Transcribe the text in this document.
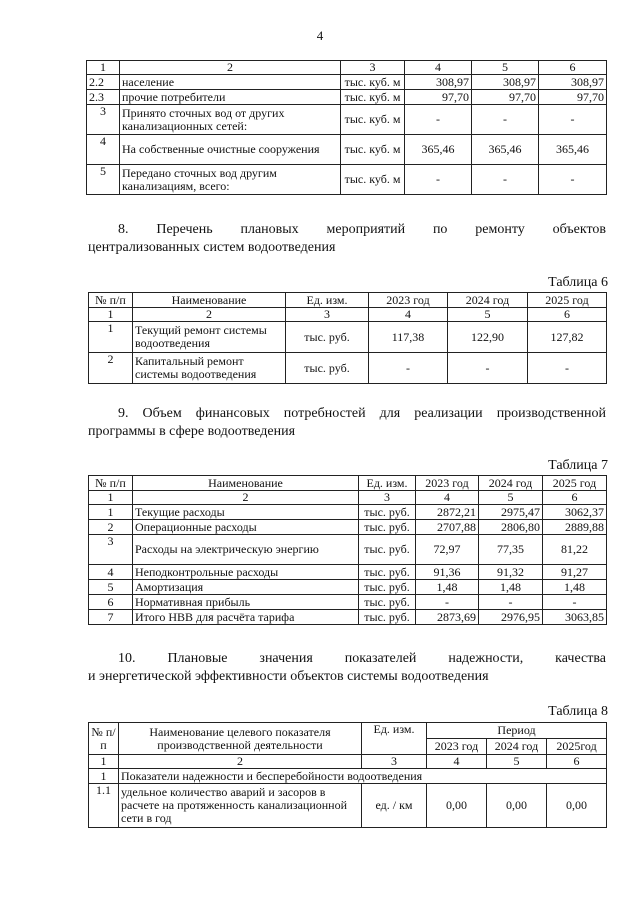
4
1	2	3	4	5	6
2.2	население	тыс. куб. м	308,97	308,97	308,97
2.3	прочие потребители	тыс. куб. м	97,70	97,70	97,70
3	Принято сточных вод от других канализационных сетей:	тыс. куб. м	-	-	-
4	На собственные очистные сооружения	тыс. куб. м	365,46	365,46	365,46
5	Передано сточных вод другим канализациям, всего:	тыс. куб. м	-	-	-
8. Перечень плановых мероприятий по ремонту объектов
централизованных систем водоотведения
Таблица 6
№ п/п	Наименование	Ед. изм.	2023 год	2024 год	2025 год
1	2	3	4	5	6
1	Текущий ремонт системы водоотведения	тыс. руб.	117,38	122,90	127,82
2	Капитальный ремонт системы водоотведения	тыс. руб.	-	-	-
9. Объем финансовых потребностей для реализации производственной
программы в сфере водоотведения
Таблица 7
№ п/п	Наименование	Ед. изм.	2023 год	2024 год	2025 год
1	2	3	4	5	6
1	Текущие расходы	тыс. руб.	2872,21	2975,47	3062,37
2	Операционные расходы	тыс. руб.	2707,88	2806,80	2889,88
3	Расходы на электрическую энергию	тыс. руб.	72,97	77,35	81,22
4	Неподконтрольные расходы	тыс. руб.	91,36	91,32	91,27
5	Амортизация	тыс. руб.	1,48	1,48	1,48
6	Нормативная прибыль	тыс. руб.	-	-	-
7	Итого НВВ для расчёта тарифа	тыс. руб.	2873,69	2976,95	3063,85
10. Плановые значения показателей надежности, качества
и энергетической эффективности объектов системы водоотведения
Таблица 8
№ п/п	Наименование целевого показателя производственной деятельности	Ед. изм.	Период		
			2023 год	2024 год	2025год
1	2	3	4	5	6
1	Показатели надежности и бесперебойности водоотведения				
1.1	удельное количество аварий и засоров в расчете на протяженность канализационной сети в год	ед. / км	0,00	0,00	0,00
